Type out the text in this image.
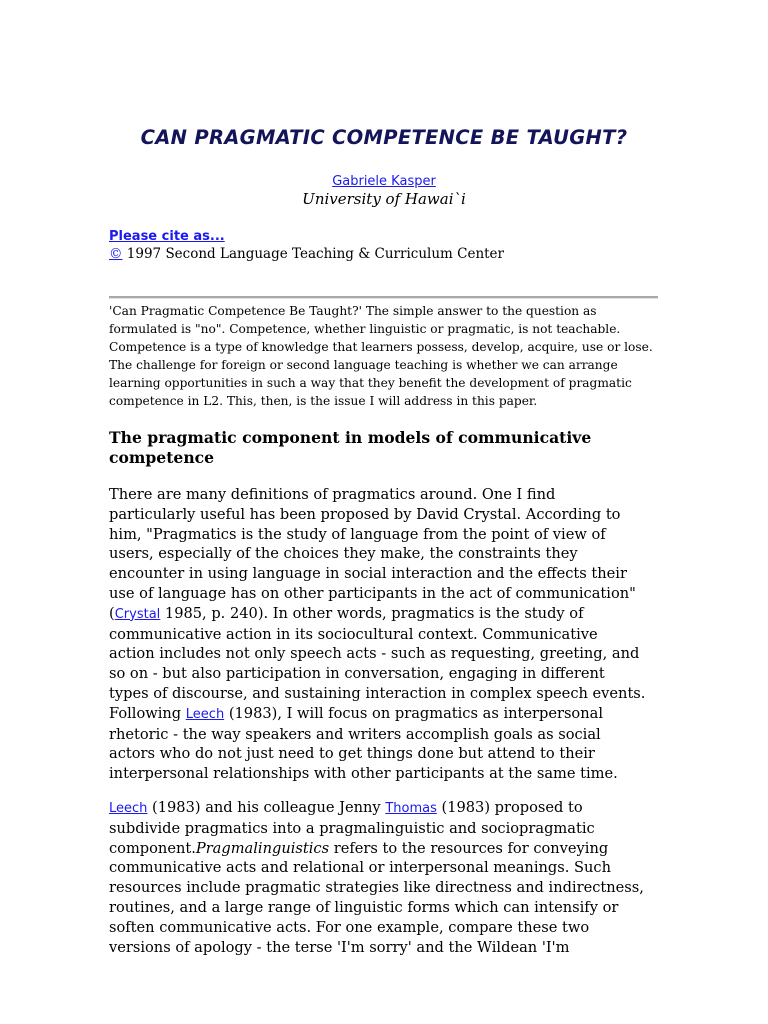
CAN PRAGMATIC COMPETENCE BE TAUGHT?

Gabriele Kasper

University of Hawai`i

Please cite as...
© 1997 Second Language Teaching & Curriculum Center

'Can Pragmatic Competence Be Taught?' The simple answer to the question as
formulated is "no". Competence, whether linguistic or pragmatic, is not teachable.
Competence is a type of knowledge that learners possess, develop, acquire, use or lose.
The challenge for foreign or second language teaching is whether we can arrange
learning opportunities in such a way that they benefit the development of pragmatic
competence in L2. This, then, is the issue I will address in this paper.

The pragmatic component in models of communicative competence

There are many definitions of pragmatics around. One I find
particularly useful has been proposed by David Crystal. According to
him, "Pragmatics is the study of language from the point of view of
users, especially of the choices they make, the constraints they
encounter in using language in social interaction and the effects their
use of language has on other participants in the act of communication"
(Crystal 1985, p. 240). In other words, pragmatics is the study of
communicative action in its sociocultural context. Communicative
action includes not only speech acts - such as requesting, greeting, and
so on - but also participation in conversation, engaging in different
types of discourse, and sustaining interaction in complex speech events.
Following Leech (1983), I will focus on pragmatics as interpersonal
rhetoric - the way speakers and writers accomplish goals as social
actors who do not just need to get things done but attend to their
interpersonal relationships with other participants at the same time.

Leech (1983) and his colleague Jenny Thomas (1983) proposed to
subdivide pragmatics into a pragmalinguistic and sociopragmatic
component.Pragmalinguistics refers to the resources for conveying
communicative acts and relational or interpersonal meanings. Such
resources include pragmatic strategies like directness and indirectness,
routines, and a large range of linguistic forms which can intensify or
soften communicative acts. For one example, compare these two
versions of apology - the terse 'I'm sorry' and the Wildean 'I'm
